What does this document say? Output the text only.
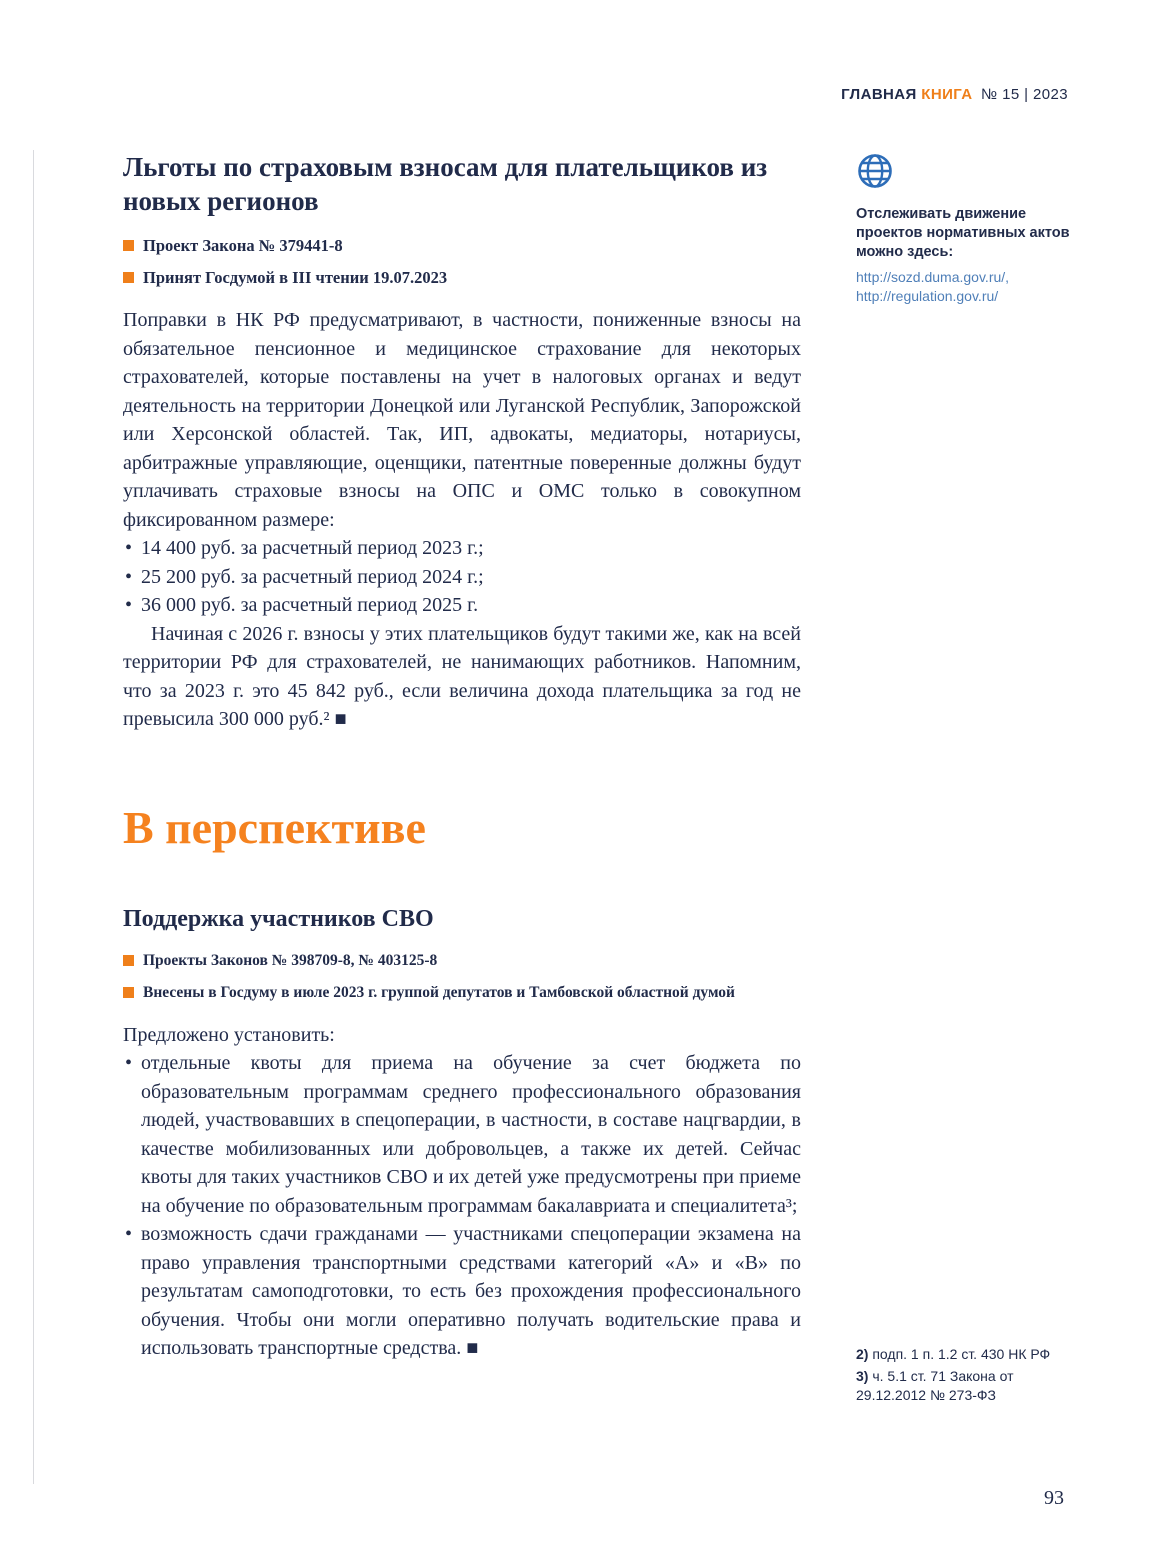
ГЛАВНАЯ КНИГА № 15 | 2023
Льготы по страховым взносам для плательщиков из новых регионов
Проект Закона № 379441-8
Принят Госдумой в III чтении 19.07.2023

Поправки в НК РФ предусматривают, в частности, пониженные взносы на обязательное пенсионное и медицинское страхование для некоторых страхователей, которые поставлены на учет в налоговых органах и ведут деятельность на территории Донецкой или Луганской Республик, Запорожской или Херсонской областей. Так, ИП, адвокаты, медиаторы, нотариусы, арбитражные управляющие, оценщики, патентные поверенные должны будут уплачивать страховые взносы на ОПС и ОМС только в совокупном фиксированном размере:

•
14 400 руб. за расчетный период 2023 г.;
•
25 200 руб. за расчетный период 2024 г.;
•
36 000 руб. за расчетный период 2025 г.

Начиная с 2026 г. взносы у этих плательщиков будут такими же, как на всей территории РФ для страхователей, не нанимающих работников. Напомним, что за 2023 г. это 45 842 руб., если величина дохода плательщика за год не превысила 300 000 руб.² ■

В перспективе
Поддержка участников СВО
Проекты Законов № 398709-8, № 403125-8
Внесены в Госдуму в июле 2023 г. группой депутатов и Тамбовской областной думой

Предложено установить:

•
отдельные квоты для приема на обучение за счет бюджета по образовательным программам среднего профессионального образования людей, участвовавших в спецоперации, в частности, в составе нацгвардии, в качестве мобилизованных или добровольцев, а также их детей. Сейчас квоты для таких участников СВО и их детей уже предусмотрены при приеме на обучение по образовательным программам бакалавриата и специалитета³;
•
возможность сдачи гражданами — участниками спецоперации экзамена на право управления транспортными средствами категорий «А» и «В» по результатам самоподготовки, то есть без прохождения профессионального обучения. Чтобы они могли оперативно получать водительские права и использовать транспортные средства. ■

Отслеживать движение проектов нормативных актов можно здесь:

http://sozd.duma.gov.ru/,
http://regulation.gov.ru/
2) подп. 1 п. 1.2 ст. 430 НК РФ
3) ч. 5.1 ст. 71 Закона от 29.12.2012 № 273-ФЗ
93
